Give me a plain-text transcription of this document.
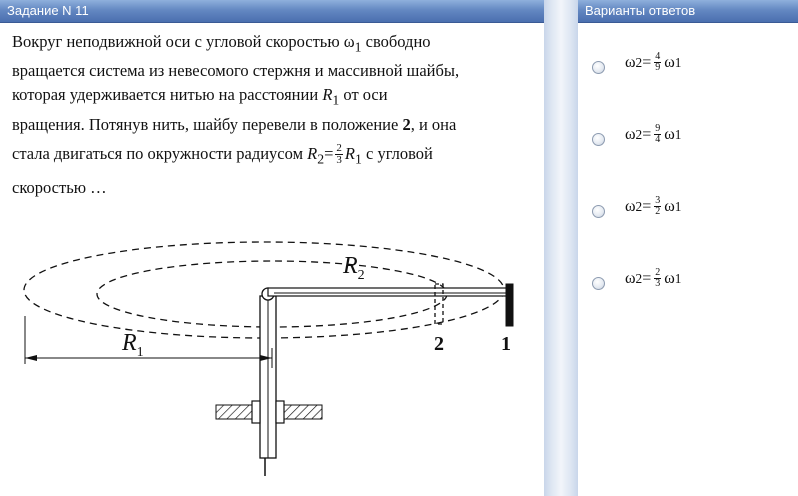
Задание N 11
Вокруг неподвижной оси с угловой скоростью $\omega_1$ свободно
вращается система из невесомого стержня и массивной шайбы,
которая удерживается нитью на расстоянии $R_1$ от оси
вращения. Потянув нить, шайбу перевели в положение 2, и она
стала двигаться по окружности радиусом $R_2= \frac{2}{3} R_1$ с угловой
скоростью …
$R_1$
$R_2$
2	1
Варианты ответов
ω $2 = \frac{4}{9}$ ω 1
ω $2 = \frac{9}{4}$ ω 1
ω $2 = \frac{3}{2}$ ω 1
ω $2 = \frac{2}{3}$ ω 1
